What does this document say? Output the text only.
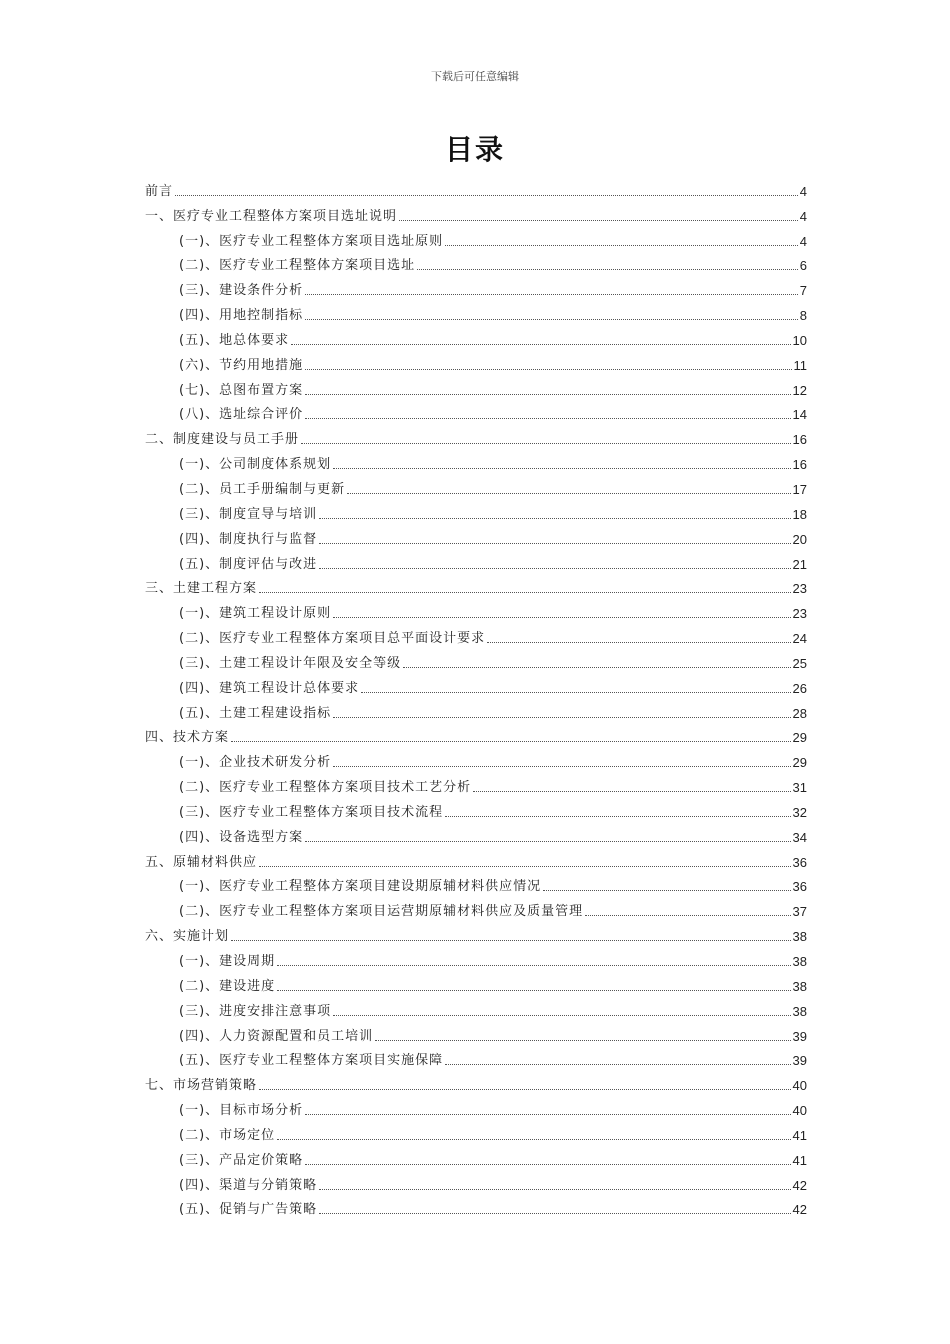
下载后可任意编辑
目录
前言	4
一、医疗专业工程整体方案项目选址说明	4
(一)、医疗专业工程整体方案项目选址原则	4
(二)、医疗专业工程整体方案项目选址	6
(三)、建设条件分析	7
(四)、用地控制指标	8
(五)、地总体要求	10
(六)、节约用地措施	11
(七)、总图布置方案	12
(八)、选址综合评价	14
二、制度建设与员工手册	16
(一)、公司制度体系规划	16
(二)、员工手册编制与更新	17
(三)、制度宣导与培训	18
(四)、制度执行与监督	20
(五)、制度评估与改进	21
三、土建工程方案	23
(一)、建筑工程设计原则	23
(二)、医疗专业工程整体方案项目总平面设计要求	24
(三)、土建工程设计年限及安全等级	25
(四)、建筑工程设计总体要求	26
(五)、土建工程建设指标	28
四、技术方案	29
(一)、企业技术研发分析	29
(二)、医疗专业工程整体方案项目技术工艺分析	31
(三)、医疗专业工程整体方案项目技术流程	32
(四)、设备选型方案	34
五、原辅材料供应	36
(一)、医疗专业工程整体方案项目建设期原辅材料供应情况	36
(二)、医疗专业工程整体方案项目运营期原辅材料供应及质量管理	37
六、实施计划	38
(一)、建设周期	38
(二)、建设进度	38
(三)、进度安排注意事项	38
(四)、人力资源配置和员工培训	39
(五)、医疗专业工程整体方案项目实施保障	39
七、市场营销策略	40
(一)、目标市场分析	40
(二)、市场定位	41
(三)、产品定价策略	41
(四)、渠道与分销策略	42
(五)、促销与广告策略	42
